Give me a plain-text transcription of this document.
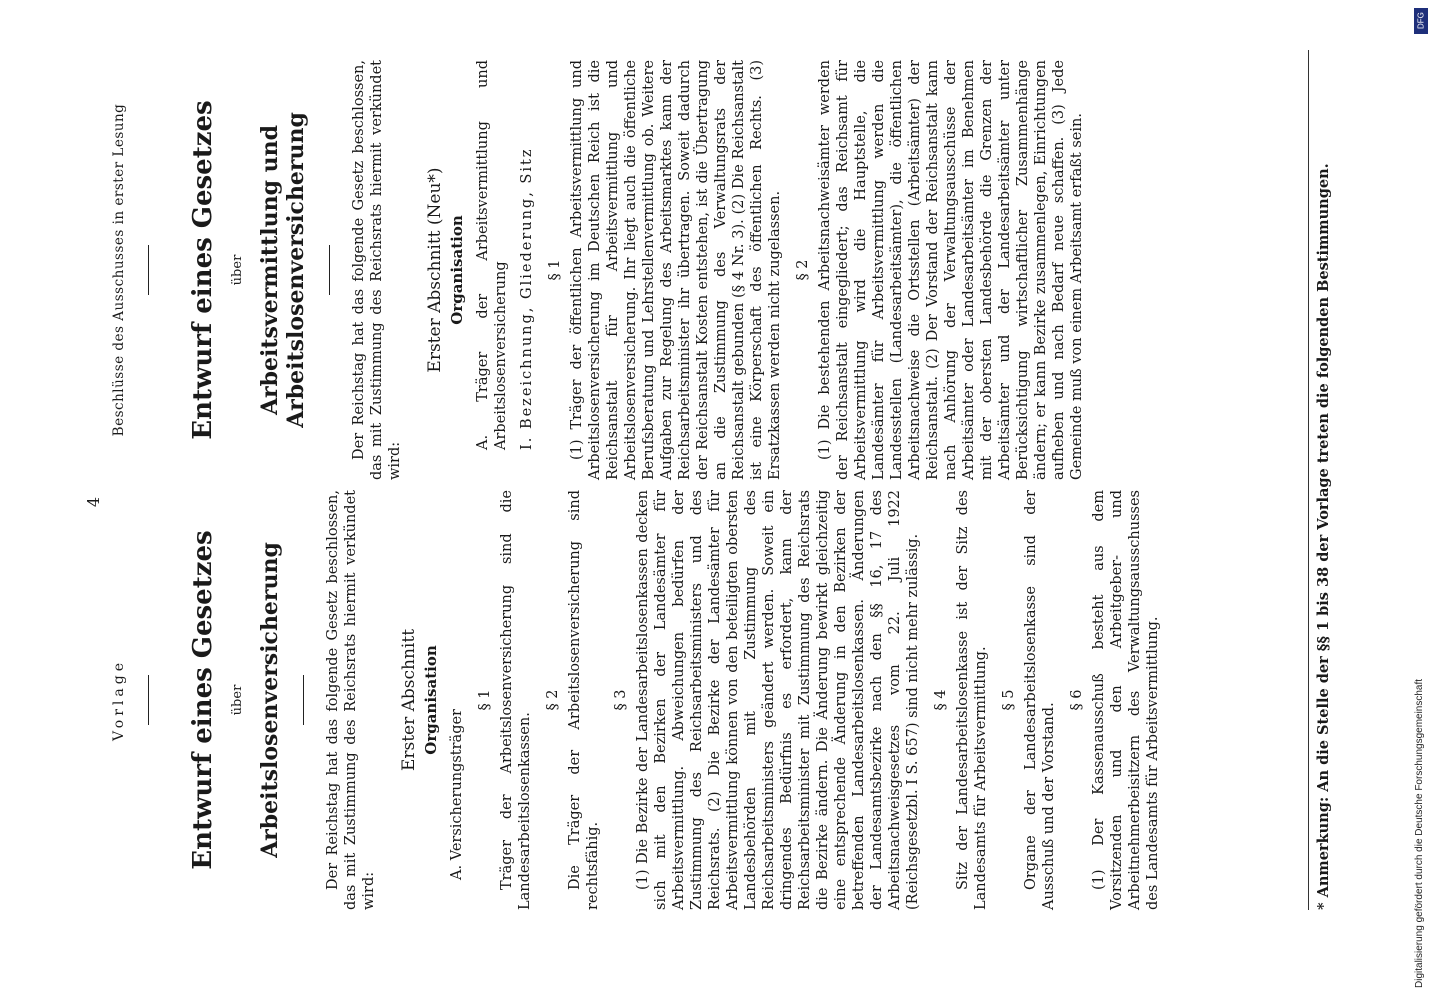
4
Vorlage Entwurf eines Gesetzes über Arbeitslosenversicherung	Der Reichstag hat das folgende Gesetz beschlossen, das mit Zustimmung des Reichsrats hiermit verkündet wird:
Erster Abschnitt Organisation
A. Versicherungsträger
§ 1 Träger der Arbeitslosenversicherung sind die Landesarbeitslosenkassen.

§ 2 Die Träger der Arbeitslosenversicherung sind rechtsfähig.

§ 3 (1) Die Bezirke der Landesarbeitslosenkassen decken sich mit den Bezirken der Landesämter für Arbeitsvermittlung. Abweichungen bedürfen der Zustimmung des Reichsarbeitsministers und des Reichsrats. (2) Die Bezirke der Landesämter für Arbeitsvermittlung können von den beteiligten obersten Landesbehörden mit Zustimmung des Reichsarbeitsministers geändert werden. Soweit ein dringendes Bedürfnis es erfordert, kann der Reichsarbeitsminister mit Zustimmung des Reichsrats die Bezirke ändern. Die Änderung bewirkt gleichzeitig eine entsprechende Änderung in den Bezirken der betreffenden Landesarbeitslosenkassen. Änderungen der Landesamtsbezirke nach den §§ 16, 17 des Arbeitsnachweisgesetzes vom 22. Juli 1922 (Reichsgesetzbl. I S. 657) sind nicht mehr zulässig. § 4 Sitz der Landesarbeitslosenkasse ist der Sitz des Landesamts für Arbeitsvermittlung. § 5 Organe der Landesarbeitslosenkasse sind der Ausschuß und der Vorstand.

§ 6 (1) Der Kassenausschuß besteht aus dem Vorsitzenden und den Arbeitgeber- und Arbeitnehmerbeisitzern des Verwaltungsausschusses des Landesamts für Arbeitsvermittlung.

Beschlüsse des Ausschusses in erster Lesung Entwurf eines Gesetzes über Arbeitsvermittlung und Arbeitslosenversicherung	Der Reichstag hat das folgende Gesetz beschlossen, das mit Zustimmung des Reichsrats hiermit verkündet wird:
Erster Abschnitt (Neu*) Organisation A. Träger der Arbeitsvermittlung und Arbeitslosenversicherung I. Bezeichnung, Gliederung, Sitz § 1 (1) Träger der öffentlichen Arbeitsvermittlung und Arbeitslosenversicherung im Deutschen Reich ist die Reichsanstalt für Arbeitsvermittlung und Arbeitslosenversicherung. Ihr liegt auch die öffentliche Berufsberatung und Lehrstellenvermittlung ob. Weitere Aufgaben zur Regelung des Arbeitsmarktes kann der Reichsarbeitsminister ihr übertragen. Soweit dadurch der Reichsanstalt Kosten entstehen, ist die Übertragung an die Zustimmung des Verwaltungsrats der Reichsanstalt gebunden (§ 4 Nr. 3). (2) Die Reichsanstalt ist eine Körperschaft des öffentlichen Rechts. (3) Ersatzkassen werden nicht zugelassen. § 2 (1) Die bestehenden Arbeitsnachweisämter werden der Reichsanstalt eingegliedert; das Reichsamt für Arbeitsvermittlung wird die Hauptstelle, die Landesämter für Arbeitsvermittlung werden die Landesstellen (Landesarbeitsämter), die öffentlichen Arbeitsnachweise die Ortsstellen (Arbeitsämter) der Reichsanstalt. (2) Der Vorstand der Reichsanstalt kann nach Anhörung der Verwaltungsausschüsse der Arbeitsämter oder Landesarbeitsämter im Benehmen mit der obersten Landesbehörde die Grenzen der Arbeitsämter und der Landesarbeitsämter unter Berücksichtigung wirtschaftlicher Zusammenhänge ändern; er kann Bezirke zusammenlegen, Einrichtungen aufheben und nach Bedarf neue schaffen. (3) Jede Gemeinde muß von einem Arbeitsamt erfaßt sein.	* Anmerkung: An die Stelle der §§ 1 bis 38 der Vorlage treten die folgenden Bestimmungen.	Digitalisierung gefördert durch die Deutsche Forschungsgemeinschaft
DFG
